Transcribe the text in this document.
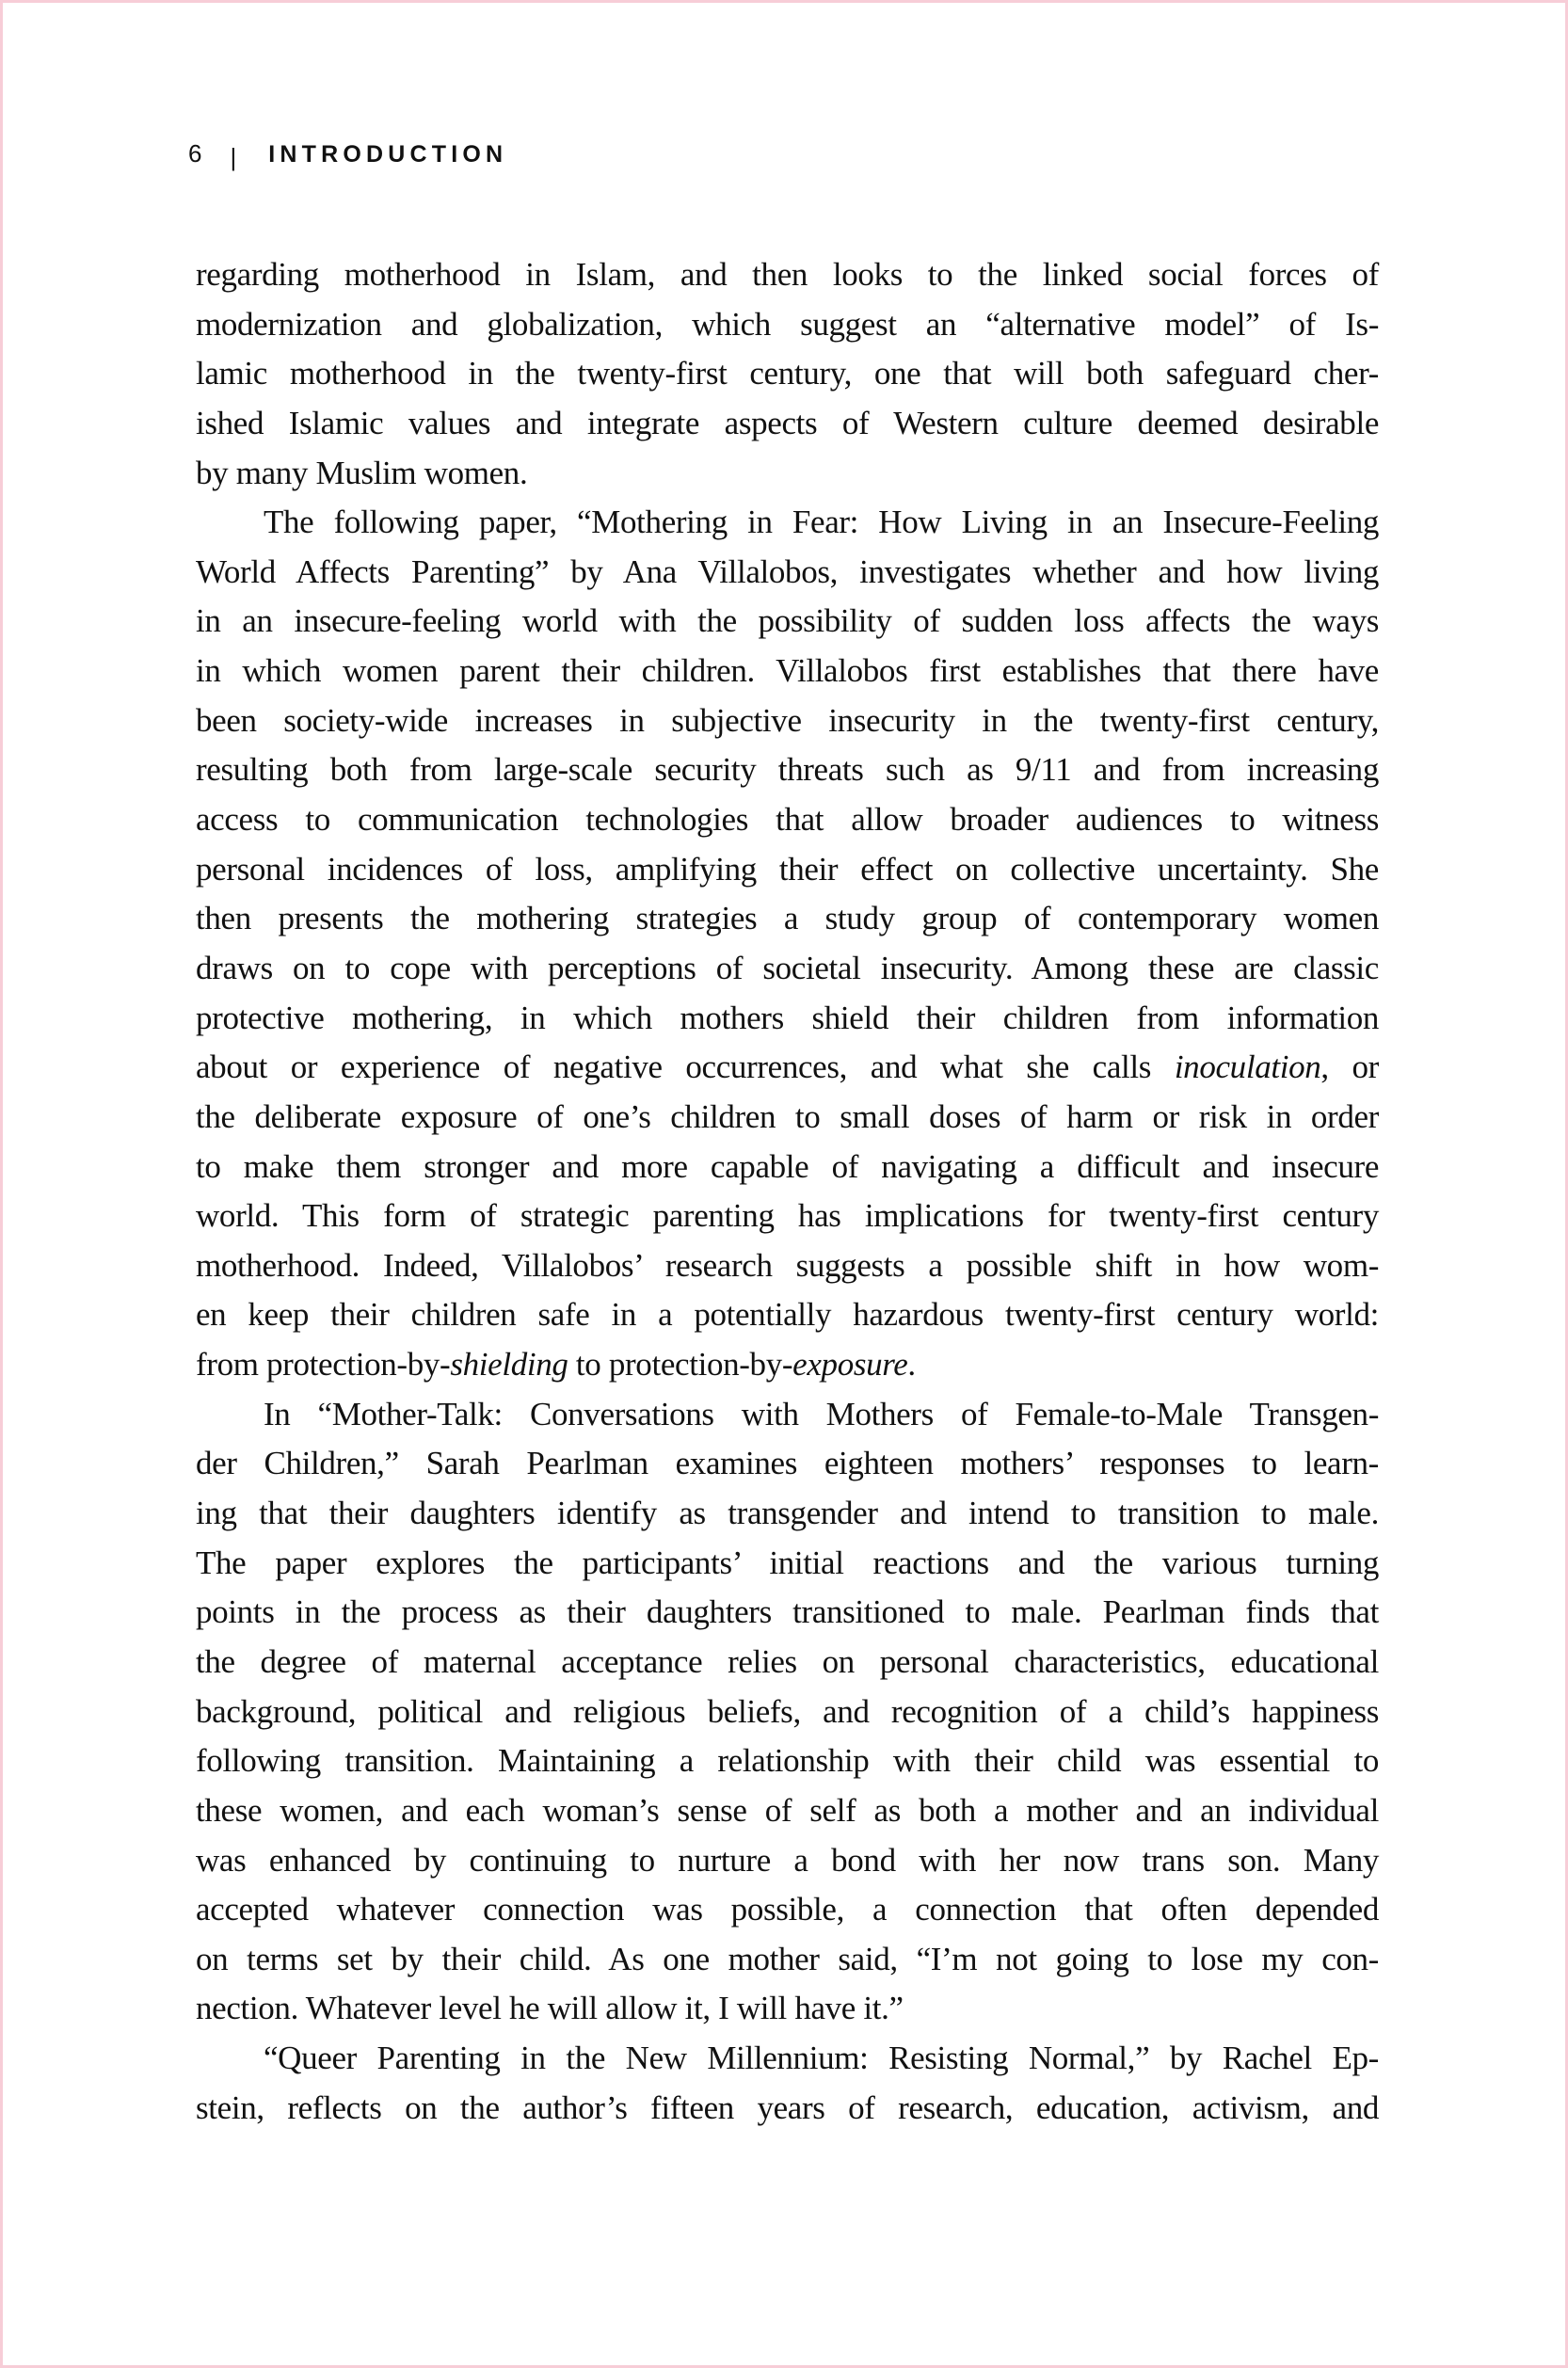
6 | INTRODUCTION
regarding motherhood in Islam, and then looks to the linked social forces of
modernization and globalization, which suggest an “alternative model” of Is-
lamic motherhood in the twenty-first century, one that will both safeguard cher-
ished Islamic values and integrate aspects of Western culture deemed desirable
by many Muslim women.
The following paper, “Mothering in Fear: How Living in an Insecure-Feeling
World Affects Parenting” by Ana Villalobos, investigates whether and how living
in an insecure-feeling world with the possibility of sudden loss affects the ways
in which women parent their children. Villalobos first establishes that there have
been society-wide increases in subjective insecurity in the twenty-first century,
resulting both from large-scale security threats such as 9/11 and from increasing
access to communication technologies that allow broader audiences to witness
personal incidences of loss, amplifying their effect on collective uncertainty. She
then presents the mothering strategies a study group of contemporary women
draws on to cope with perceptions of societal insecurity. Among these are classic
protective mothering, in which mothers shield their children from information
about or experience of negative occurrences, and what she calls inoculation, or
the deliberate exposure of one’s children to small doses of harm or risk in order
to make them stronger and more capable of navigating a difficult and insecure
world. This form of strategic parenting has implications for twenty-first century
motherhood. Indeed, Villalobos’ research suggests a possible shift in how wom-
en keep their children safe in a potentially hazardous twenty-first century world:
from protection-by-shielding to protection-by-exposure.
In “Mother-Talk: Conversations with Mothers of Female-to-Male Transgen-
der Children,” Sarah Pearlman examines eighteen mothers’ responses to learn-
ing that their daughters identify as transgender and intend to transition to male.
The paper explores the participants’ initial reactions and the various turning
points in the process as their daughters transitioned to male. Pearlman finds that
the degree of maternal acceptance relies on personal characteristics, educational
background, political and religious beliefs, and recognition of a child’s happiness
following transition. Maintaining a relationship with their child was essential to
these women, and each woman’s sense of self as both a mother and an individual
was enhanced by continuing to nurture a bond with her now trans son. Many
accepted whatever connection was possible, a connection that often depended
on terms set by their child. As one mother said, “I’m not going to lose my con-
nection. Whatever level he will allow it, I will have it.”
“Queer Parenting in the New Millennium: Resisting Normal,” by Rachel Ep-
stein, reflects on the author’s fifteen years of research, education, activism, and
